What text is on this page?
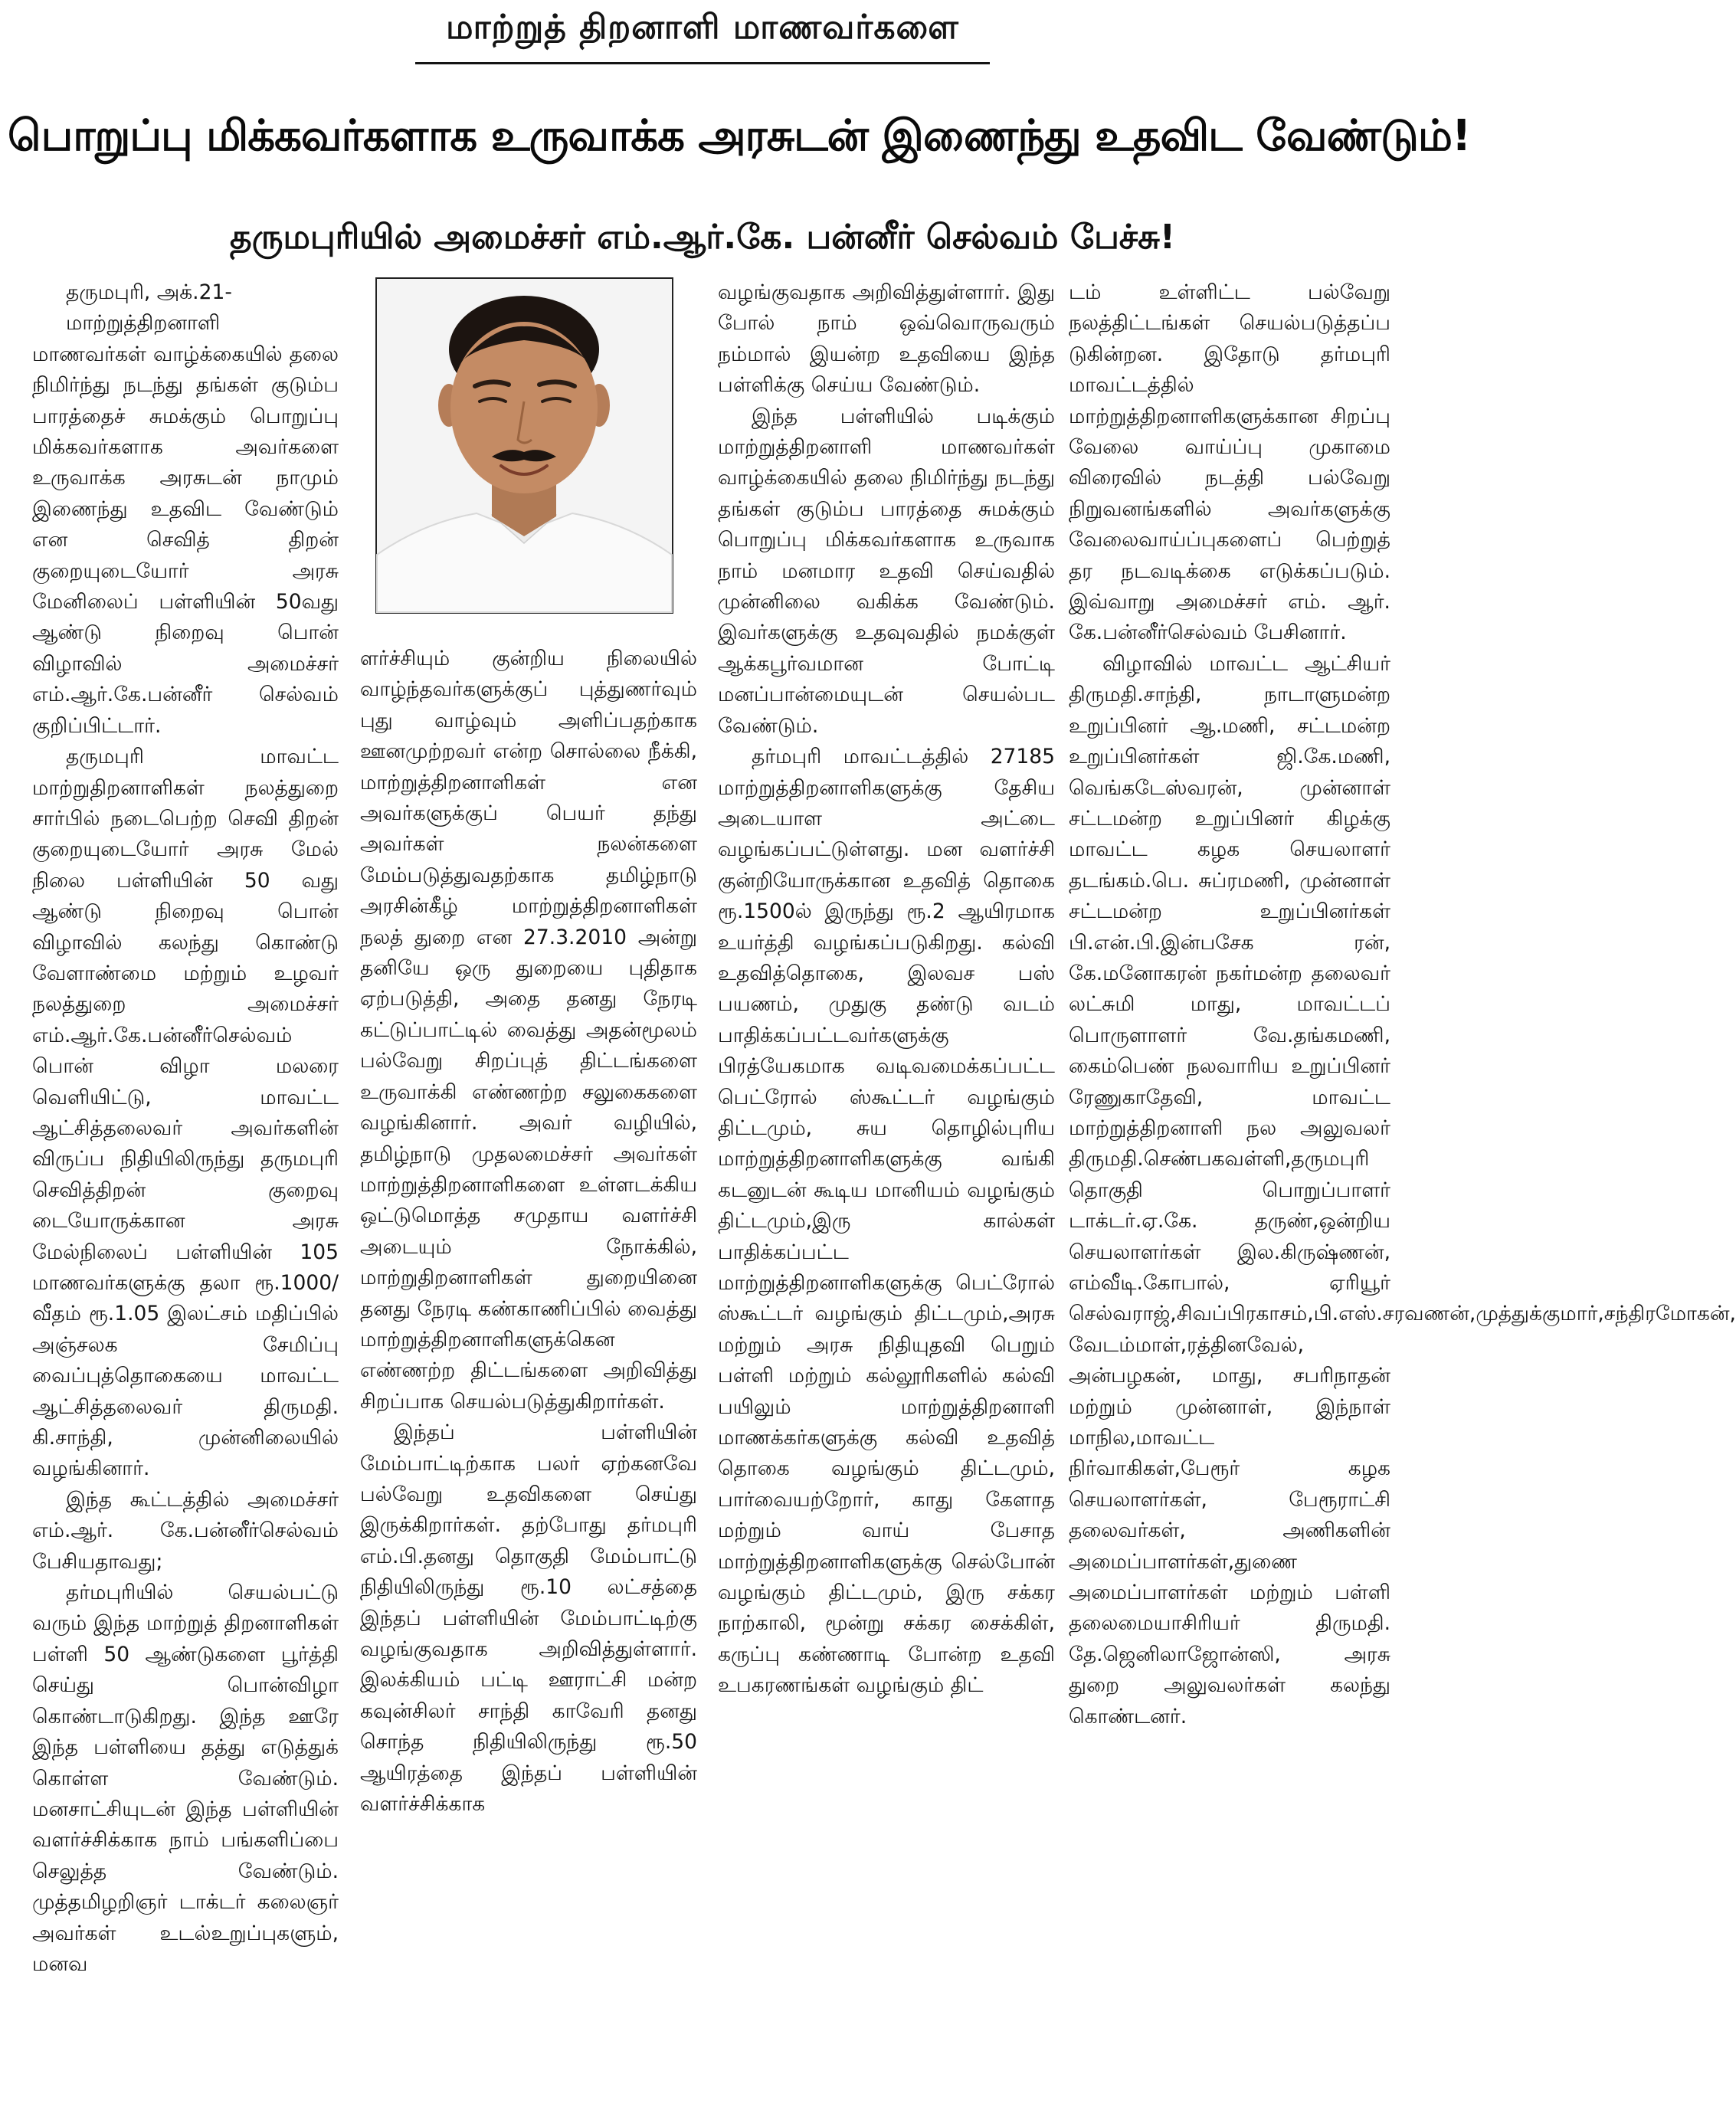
மாற்றுத் திறனாளி மாணவர்களை
பொறுப்பு மிக்கவர்களாக உருவாக்க அரசுடன் இணைந்து உதவிட வேண்டும்!
தருமபுரியில் அமைச்சர் எம்.ஆர்.கே. பன்னீர் செல்வம் பேச்சு!

தருமபுரி, அக்.21-

மாற்றுத்திறனாளி மாணவர்கள் வாழ்க்கையில் தலை நிமிர்ந்து நடந்து தங்கள் குடும்ப பாரத்தைச் சுமக்கும் பொறுப்பு மிக்கவர்களாக அவர்களை உருவாக்க அரசுடன் நாமும் இணைந்து உதவிட வேண்டும் என செவித் திறன் குறையுடையோர் அரசு மேனிலைப் பள்ளியின் 50வது ஆண்டு நிறைவு பொன் விழாவில் அமைச்சர் எம்.ஆர்.கே.பன்னீர் செல்வம் குறிப்பிட்டார்.

தருமபுரி மாவட்ட மாற்றுதிறனாளிகள் நலத்துறை சார்பில் நடைபெற்ற செவி திறன் குறையுடையோர் அரசு மேல் நிலை பள்ளியின் 50 வது ஆண்டு நிறைவு பொன் விழாவில் கலந்து கொண்டு வேளாண்மை மற்றும் உழவர் நலத்துறை அமைச்சர் எம்.ஆர்.கே.பன்னீர்செல்வம் பொன் விழா மலரை வெளியிட்டு, மாவட்ட ஆட்சித்தலைவர் அவர்களின் விருப்ப நிதியிலிருந்து தருமபுரி செவித்திறன் குறைவு டையோருக்கான அரசு மேல்நிலைப் பள்ளியின் 105 மாணவர்களுக்கு தலா ரூ.1000/ வீதம் ரூ.1.05 இலட்சம் மதிப்பில் அஞ்சலக சேமிப்பு வைப்புத்தொகையை மாவட்ட ஆட்சித்தலைவர் திருமதி. கி.சாந்தி, முன்னிலையில் வழங்கினார்.

இந்த கூட்டத்தில் அமைச்சர் எம்.ஆர். கே.பன்னீர்செல்வம் பேசியதாவது;

தர்மபுரியில் செயல்பட்டு வரும் இந்த மாற்றுத் திறனாளிகள் பள்ளி 50 ஆண்டுகளை பூர்த்தி செய்து பொன்விழா கொண்டாடுகிறது. இந்த ஊரே இந்த பள்ளியை தத்து எடுத்துக் கொள்ள வேண்டும். மனசாட்சியுடன் இந்த பள்ளியின் வளர்ச்சிக்காக நாம் பங்களிப்பை செலுத்த வேண்டும். முத்தமிழறிஞர் டாக்டர் கலைஞர் அவர்கள் உடல்உறுப்புகளும், மனவ

ளர்ச்சியும் குன்றிய நிலையில் வாழ்ந்தவர்களுக்குப் புத்துணர்வும் புது வாழ்வும் அளிப்பதற்காக ஊனமுற்றவர் என்ற சொல்லை நீக்கி, மாற்றுத்திறனாளிகள் என அவர்களுக்குப் பெயர் தந்து அவர்கள் நலன்களை மேம்படுத்துவதற்காக தமிழ்நாடு அரசின்கீழ் மாற்றுத்திறனாளிகள் நலத் துறை என 27.3.2010 அன்று தனியே ஒரு துறையை புதிதாக ஏற்படுத்தி, அதை தனது நேரடி கட்டுப்பாட்டில் வைத்து அதன்மூலம் பல்வேறு சிறப்புத் திட்டங்களை உருவாக்கி எண்ணற்ற சலுகைகளை வழங்கினார். அவர் வழியில், தமிழ்நாடு முதலமைச்சர் அவர்கள் மாற்றுத்திறனாளிகளை உள்ளடக்கிய ஒட்டுமொத்த சமுதாய வளர்ச்சி அடையும் நோக்கில், மாற்றுதிறனாளிகள் துறையினை தனது நேரடி கண்காணிப்பில் வைத்து மாற்றுத்திறனாளிகளுக்கென எண்ணற்ற திட்டங்களை அறிவித்து சிறப்பாக செயல்படுத்துகிறார்கள்.

இந்தப் பள்ளியின் மேம்பாட்டிற்காக பலர் ஏற்கனவே பல்வேறு உதவிகளை செய்து இருக்கிறார்கள். தற்போது தர்மபுரி எம்.பி.தனது தொகுதி மேம்பாட்டு நிதியிலிருந்து ரூ.10 லட்சத்தை இந்தப் பள்ளியின் மேம்பாட்டிற்கு வழங்குவதாக அறிவித்துள்ளார். இலக்கியம் பட்டி ஊராட்சி மன்ற கவுன்சிலர் சாந்தி காவேரி தனது சொந்த நிதியிலிருந்து ரூ.50 ஆயிரத்தை இந்தப் பள்ளியின் வளர்ச்சிக்காக

வழங்குவதாக அறிவித்துள்ளார். இது போல் நாம் ஒவ்வொருவரும் நம்மால் இயன்ற உதவியை இந்த பள்ளிக்கு செய்ய வேண்டும்.

இந்த பள்ளியில் படிக்கும் மாற்றுத்திறனாளி மாணவர்கள் வாழ்க்கையில் தலை நிமிர்ந்து நடந்து தங்கள் குடும்ப பாரத்தை சுமக்கும் பொறுப்பு மிக்கவர்களாக உருவாக நாம் மனமார உதவி செய்வதில் முன்னிலை வகிக்க வேண்டும். இவர்களுக்கு உதவுவதில் நமக்குள் ஆக்கபூர்வமான போட்டி மனப்பான்மையுடன் செயல்பட வேண்டும்.

தர்மபுரி மாவட்டத்தில் 27185 மாற்றுத்திறனாளிகளுக்கு தேசிய அடையாள அட்டை வழங்கப்பட்டுள்ளது. மன வளர்ச்சி குன்றியோருக்கான உதவித் தொகை ரூ.1500ல் இருந்து ரூ.2 ஆயிரமாக உயர்த்தி வழங்கப்படுகிறது. கல்வி உதவித்தொகை, இலவச பஸ் பயணம், முதுகு தண்டு வடம் பாதிக்கப்பட்டவர்களுக்கு பிரத்யேகமாக வடிவமைக்கப்பட்ட பெட்ரோல் ஸ்கூட்டர் வழங்கும் திட்டமும், சுய தொழில்புரிய மாற்றுத்திறனாளிகளுக்கு வங்கி கடனுடன் கூடிய மானியம் வழங்கும் திட்டமும்,இரு கால்கள் பாதிக்கப்பட்ட மாற்றுத்திறனாளிகளுக்கு பெட்ரோல் ஸ்கூட்டர் வழங்கும் திட்டமும்,அரசு மற்றும் அரசு நிதியுதவி பெறும் பள்ளி மற்றும் கல்லூரிகளில் கல்வி பயிலும் மாற்றுத்திறனாளி மாணக்கர்களுக்கு கல்வி உதவித் தொகை வழங்கும் திட்டமும், பார்வையற்றோர், காது கேளாத மற்றும் வாய் பேசாத மாற்றுத்திறனாளிகளுக்கு செல்போன் வழங்கும் திட்டமும், இரு சக்கர நாற்காலி, மூன்று சக்கர சைக்கிள், கருப்பு கண்ணாடி போன்ற உதவி உபகரணங்கள் வழங்கும் திட்

டம் உள்ளிட்ட பல்வேறு நலத்திட்டங்கள் செயல்படுத்தப்ப டுகின்றன. இதோடு தர்மபுரி மாவட்டத்தில் மாற்றுத்திறனாளிகளுக்கான சிறப்பு வேலை வாய்ப்பு முகாமை விரைவில் நடத்தி பல்வேறு நிறுவனங்களில் அவர்களுக்கு வேலைவாய்ப்புகளைப் பெற்றுத் தர நடவடிக்கை எடுக்கப்படும். இவ்வாறு அமைச்சர் எம். ஆர். கே.பன்னீர்செல்வம் பேசினார்.

விழாவில் மாவட்ட ஆட்சியர் திருமதி.சாந்தி, நாடாளுமன்ற உறுப்பினர் ஆ.மணி, சட்டமன்ற உறுப்பினர்கள் ஜி.கே.மணி, வெங்கடேஸ்வரன், முன்னாள் சட்டமன்ற உறுப்பினர் கிழக்கு மாவட்ட கழக செயலாளர் தடங்கம்.பெ. சுப்ரமணி, முன்னாள் சட்டமன்ற உறுப்பினர்கள் பி.என்.பி.இன்பசேக ரன், கே.மனோகரன் நகர்மன்ற தலைவர் லட்சுமி மாது, மாவட்டப் பொருளாளர் வே.தங்கமணி, கைம்பெண் நலவாரிய உறுப்பினர் ரேணுகாதேவி, மாவட்ட மாற்றுத்திறனாளி நல அலுவலர் திருமதி.செண்பகவள்ளி,தருமபுரி தொகுதி பொறுப்பாளர் டாக்டர்.ஏ.கே. தருண்,ஒன்றிய செயலாளர்கள் இல.கிருஷ்ணன், எம்வீடி.கோபால், ஏரியூர் செல்வராஜ்,சிவப்பிரகாசம்,பி.எஸ்.சரவணன்,முத்துக்குமார்,சந்திரமோகன், வேடம்மாள்,ரத்தினவேல், அன்பழகன், மாது, சபரிநாதன் மற்றும் முன்னாள், இந்நாள் மாநில,மாவட்ட நிர்வாகிகள்,பேரூர் கழக செயலாளர்கள், பேரூராட்சி தலைவர்கள், அணிகளின் அமைப்பாளர்கள்,துணை அமைப்பாளர்கள் மற்றும் பள்ளி தலைமையாசிரியர் திருமதி. தே.ஜெனிலாஜோன்ஸி, அரசு துறை அலுவலர்கள் கலந்து கொண்டனர்.
